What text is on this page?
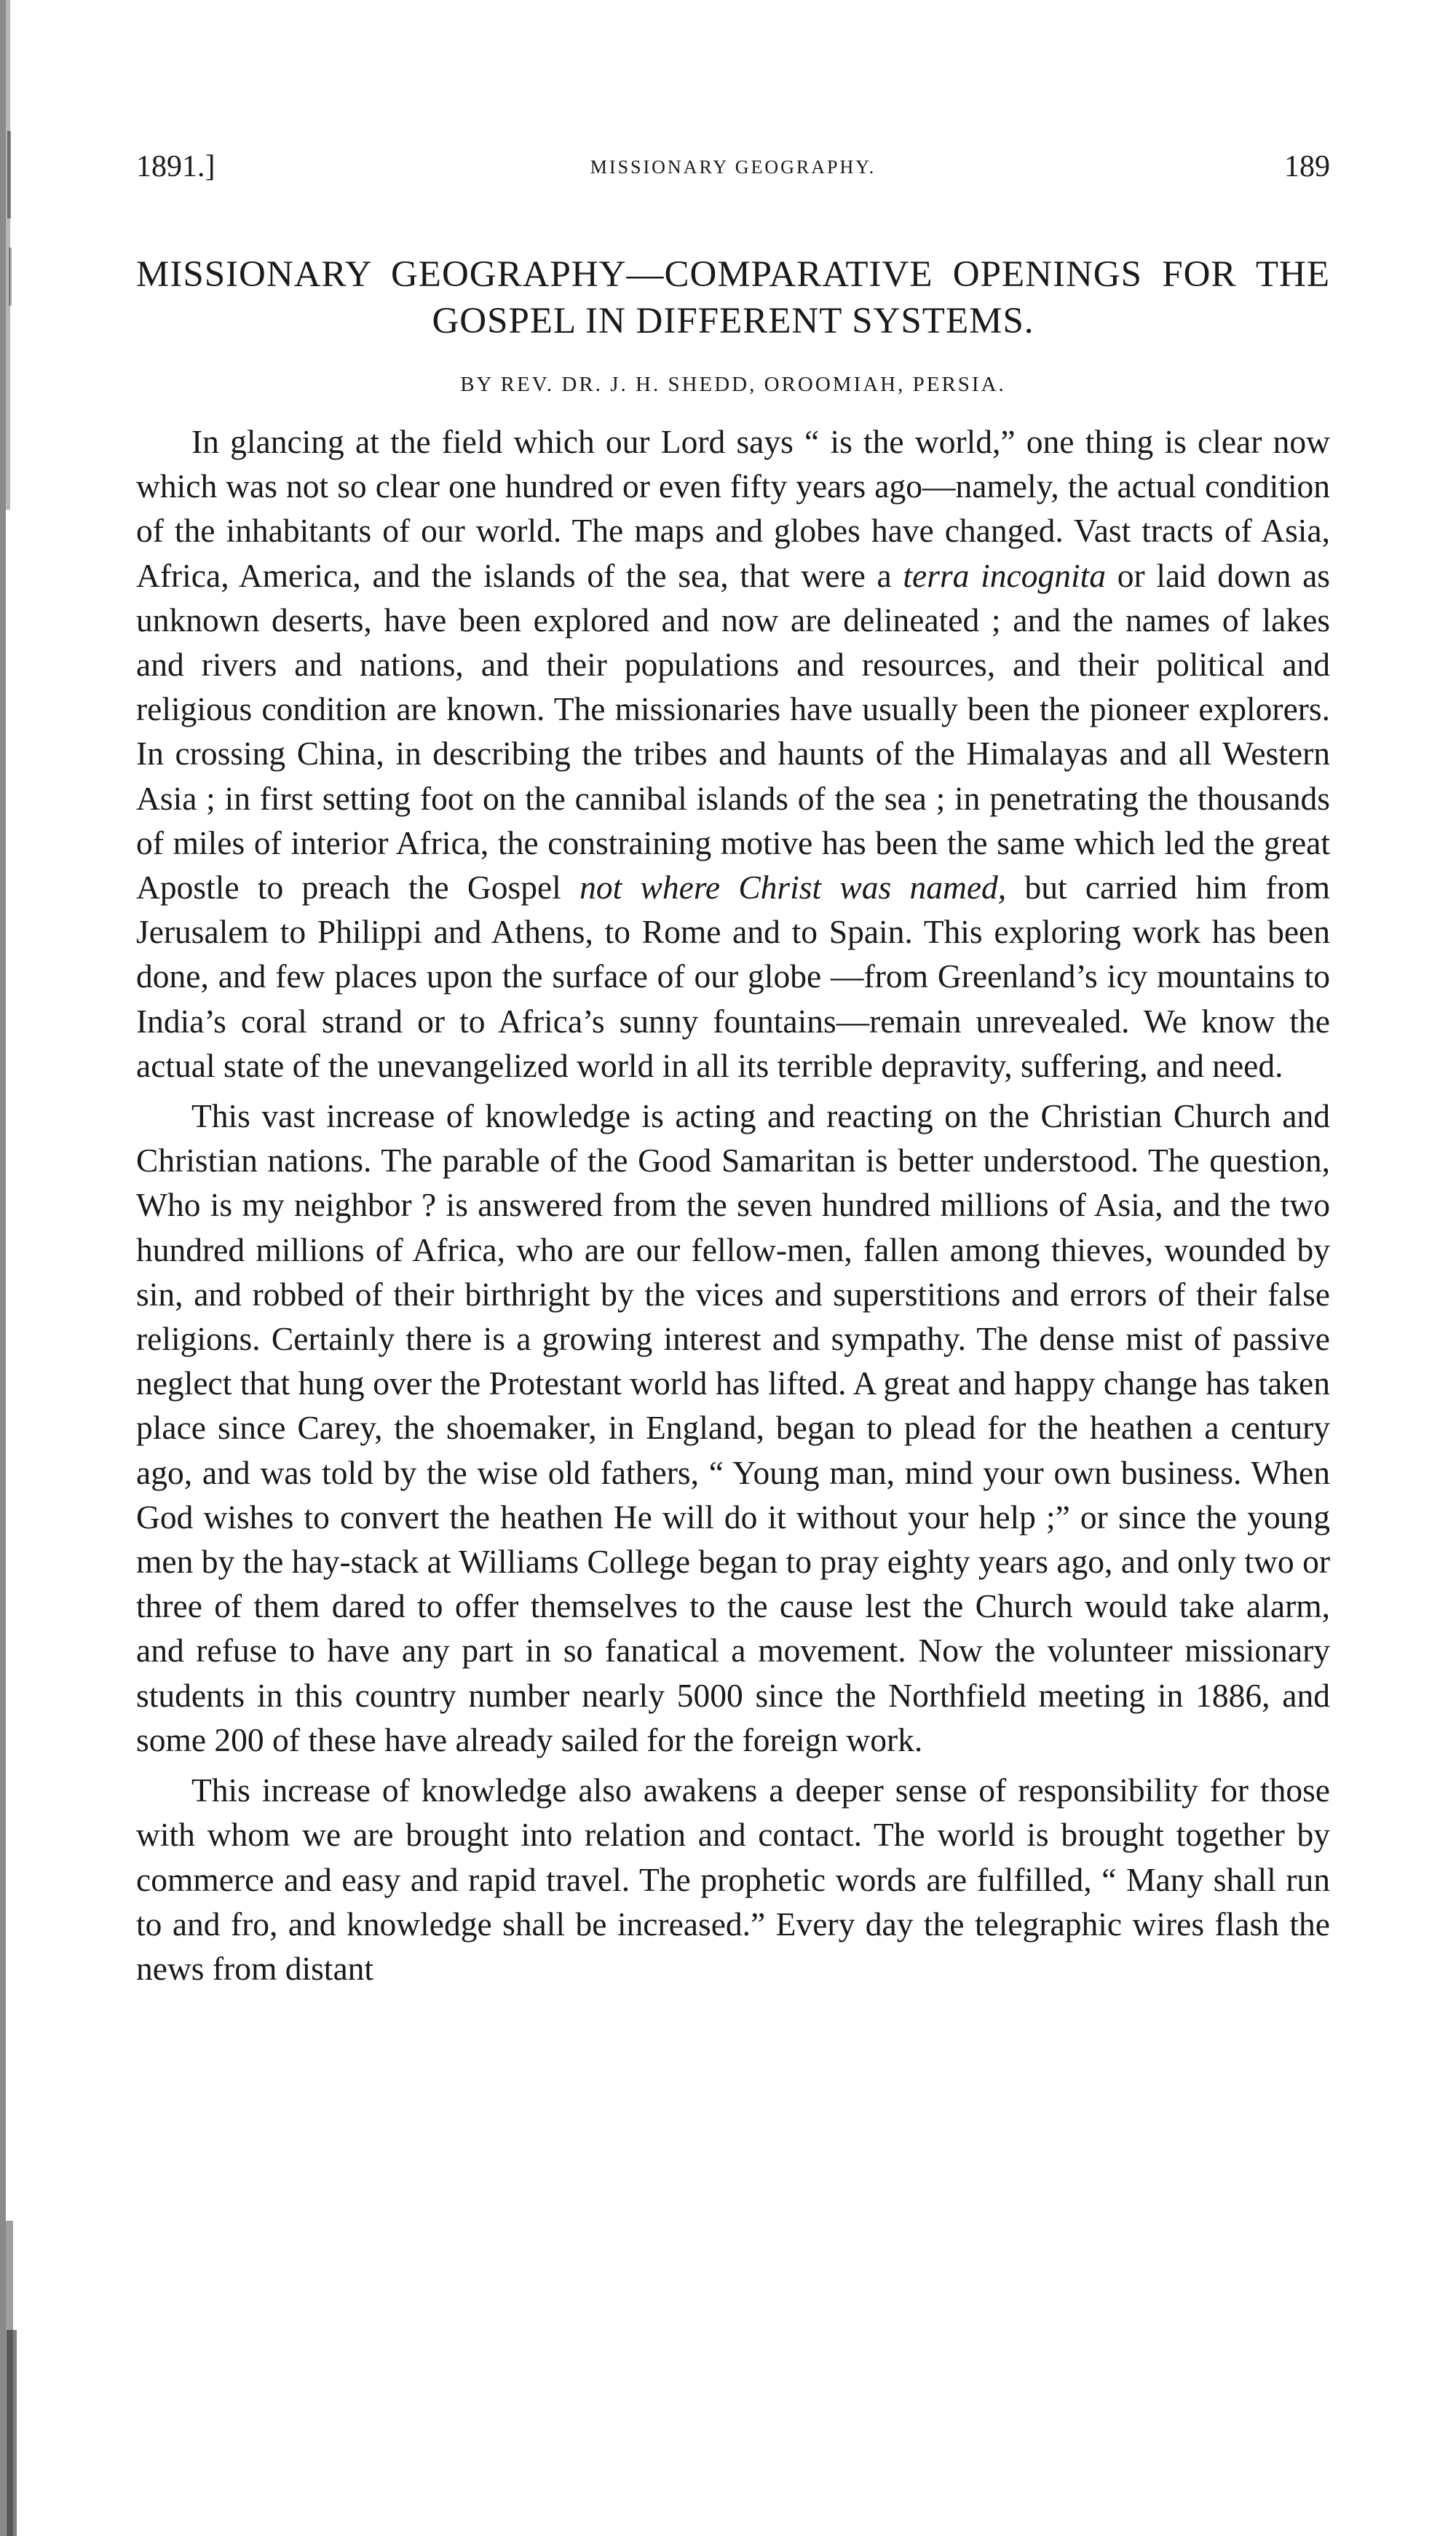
1891.]	MISSIONARY GEOGRAPHY.	189
MISSIONARY GEOGRAPHY—COMPARATIVE OPENINGS FOR THE GOSPEL IN DIFFERENT SYSTEMS.
BY REV. DR. J. H. SHEDD, OROOMIAH, PERSIA.

In glancing at the field which our Lord says “ is the world,” one thing is clear now which was not so clear one hundred or even fifty years ago—namely, the actual condition of the inhabitants of our world. The maps and globes have changed. Vast tracts of Asia, Africa, America, and the islands of the sea, that were a terra incognita or laid down as unknown deserts, have been explored and now are delineated ; and the names of lakes and rivers and nations, and their populations and resources, and their political and religious condition are known. The missionaries have usually been the pioneer explorers. In crossing China, in describing the tribes and haunts of the Himalayas and all Western Asia ; in first setting foot on the cannibal islands of the sea ; in penetrating the thousands of miles of interior Africa, the constraining motive has been the same which led the great Apostle to preach the Gospel not where Christ was named, but carried him from Jerusalem to Philippi and Athens, to Rome and to Spain. This exploring work has been done, and few places upon the surface of our globe —from Greenland’s icy mountains to India’s coral strand or to Africa’s sunny fountains—remain unrevealed. We know the actual state of the unevangelized world in all its terrible depravity, suffering, and need.

This vast increase of knowledge is acting and reacting on the Christian Church and Christian nations. The parable of the Good Samaritan is better understood. The question, Who is my neighbor ? is answered from the seven hundred millions of Asia, and the two hundred millions of Africa, who are our fellow-men, fallen among thieves, wounded by sin, and robbed of their birthright by the vices and superstitions and errors of their false religions. Certainly there is a growing interest and sympathy. The dense mist of passive neglect that hung over the Protestant world has lifted. A great and happy change has taken place since Carey, the shoemaker, in England, began to plead for the heathen a century ago, and was told by the wise old fathers, “ Young man, mind your own business. When God wishes to convert the heathen He will do it without your help ;” or since the young men by the hay-stack at Williams College began to pray eighty years ago, and only two or three of them dared to offer themselves to the cause lest the Church would take alarm, and refuse to have any part in so fanatical a movement. Now the volunteer missionary students in this country number nearly 5000 since the Northfield meeting in 1886, and some 200 of these have already sailed for the foreign work.

This increase of knowledge also awakens a deeper sense of responsibility for those with whom we are brought into relation and contact. The world is brought together by commerce and easy and rapid travel. The prophetic words are fulfilled, “ Many shall run to and fro, and knowledge shall be increased.” Every day the telegraphic wires flash the news from distant
